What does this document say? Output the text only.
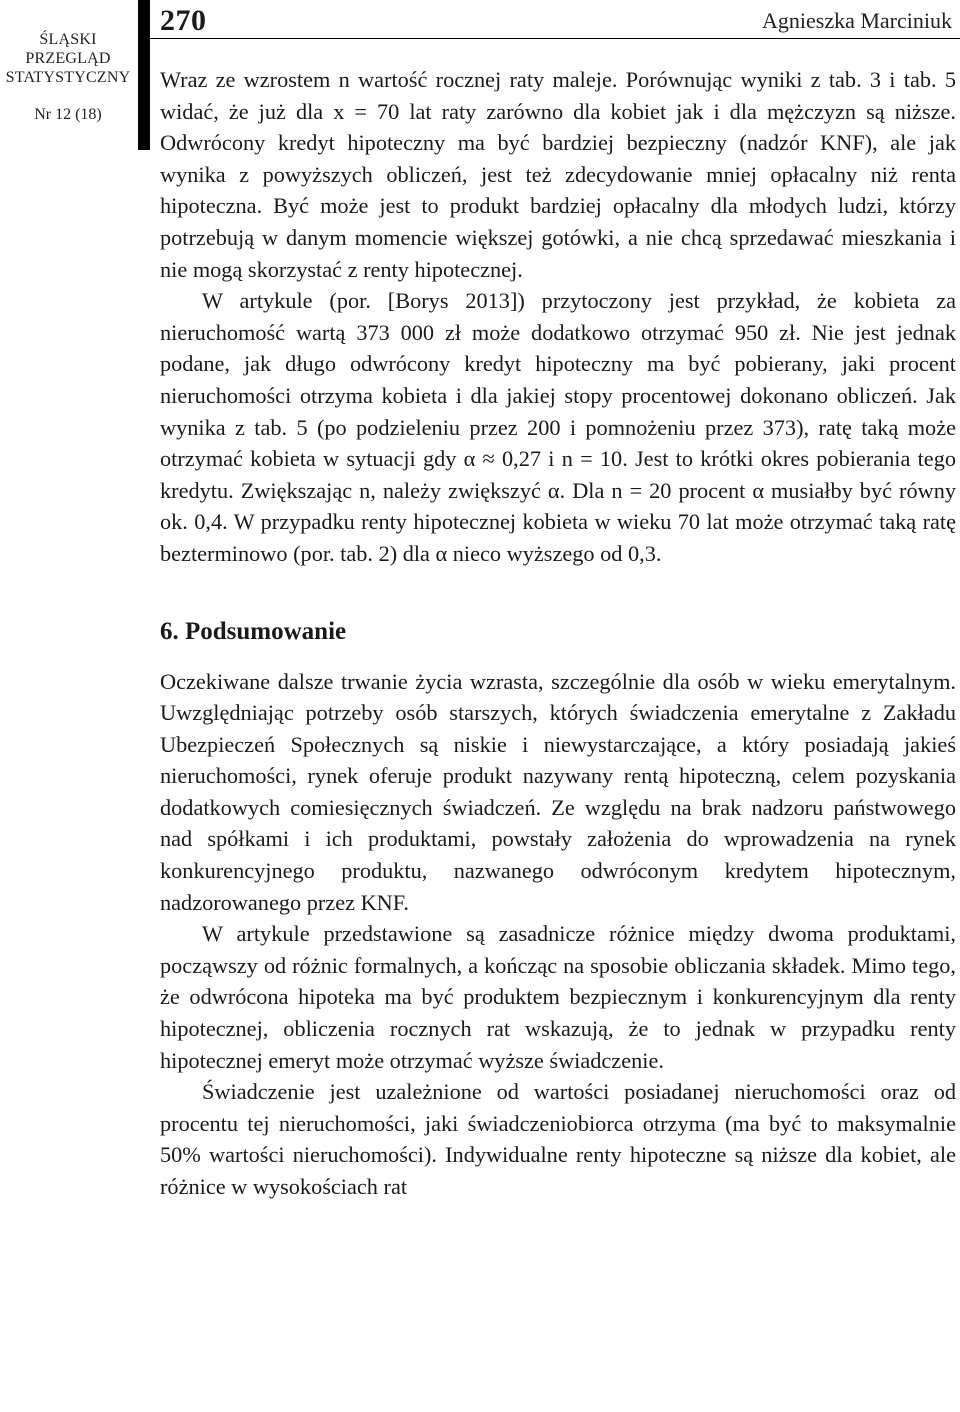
ŚLĄSKI
PRZEGLĄD
STATYSTYCZNY
Nr 12 (18)
270	Agnieszka Marciniuk

Wraz ze wzrostem n wartość rocznej raty maleje. Porównując wyniki z tab. 3 i tab. 5 widać, że już dla x = 70 lat raty zarówno dla kobiet jak i dla mężczyzn są niższe. Odwrócony kredyt hipoteczny ma być bardziej bezpieczny (nadzór KNF), ale jak wynika z powyższych obliczeń, jest też zdecydowanie mniej opłacalny niż renta hipoteczna. Być może jest to produkt bardziej opłacalny dla młodych ludzi, którzy potrzebują w danym momencie większej gotówki, a nie chcą sprzedawać mieszkania i nie mogą skorzystać z renty hipotecznej.

W artykule (por. [Borys 2013]) przytoczony jest przykład, że kobieta za nieruchomość wartą 373 000 zł może dodatkowo otrzymać 950 zł. Nie jest jednak podane, jak długo odwrócony kredyt hipoteczny ma być pobierany, jaki procent nieruchomości otrzyma kobieta i dla jakiej stopy procentowej dokonano obliczeń. Jak wynika z tab. 5 (po podzieleniu przez 200 i pomnożeniu przez 373), ratę taką może otrzymać kobieta w sytuacji gdy α ≈ 0,27 i n = 10. Jest to krótki okres pobierania tego kredytu. Zwiększając n, należy zwiększyć α. Dla n = 20 procent α musiałby być równy ok. 0,4. W przypadku renty hipotecznej kobieta w wieku 70 lat może otrzymać taką ratę bezterminowo (por. tab. 2) dla α nieco wyższego od 0,3.

6. Podsumowanie

Oczekiwane dalsze trwanie życia wzrasta, szczególnie dla osób w wieku emerytalnym. Uwzględniając potrzeby osób starszych, których świadczenia emerytalne z Zakładu Ubezpieczeń Społecznych są niskie i niewystarczające, a który posiadają jakieś nieruchomości, rynek oferuje produkt nazywany rentą hipoteczną, celem pozyskania dodatkowych comiesięcznych świadczeń. Ze względu na brak nadzoru państwowego nad spółkami i ich produktami, powstały założenia do wprowadzenia na rynek konkurencyjnego produktu, nazwanego odwróconym kredytem hipotecznym, nadzorowanego przez KNF.

W artykule przedstawione są zasadnicze różnice między dwoma produktami, począwszy od różnic formalnych, a kończąc na sposobie obliczania składek. Mimo tego, że odwrócona hipoteka ma być produktem bezpiecznym i konkurencyjnym dla renty hipotecznej, obliczenia rocznych rat wskazują, że to jednak w przypadku renty hipotecznej emeryt może otrzymać wyższe świadczenie.

Świadczenie jest uzależnione od wartości posiadanej nieruchomości oraz od procentu tej nieruchomości, jaki świadczeniobiorca otrzyma (ma być to maksymalnie 50% wartości nieruchomości). Indywidualne renty hipoteczne są niższe dla kobiet, ale różnice w wysokościach rat
